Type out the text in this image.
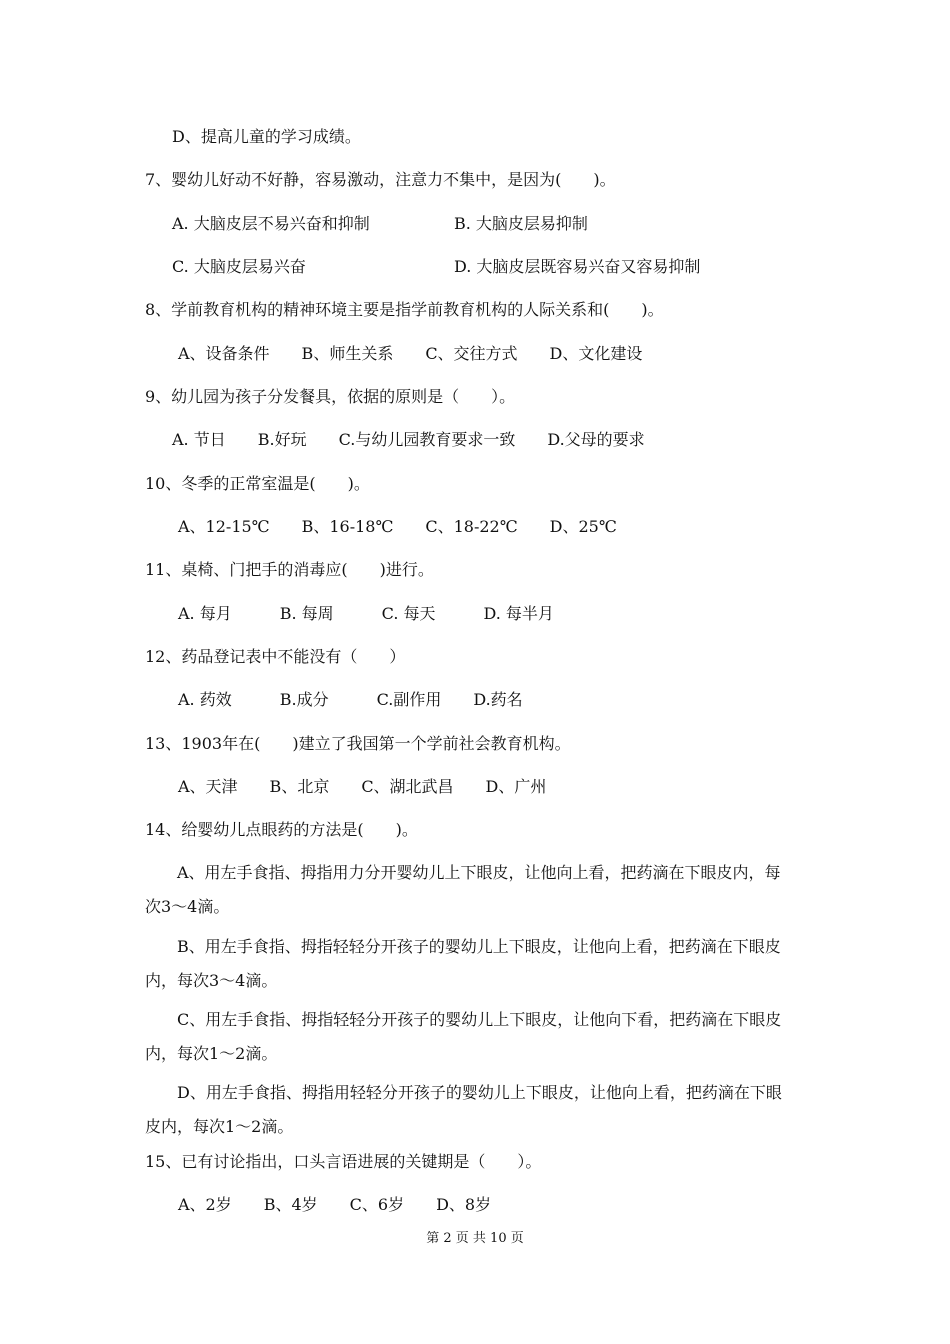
D、提高儿童的学习成绩。
7、婴幼儿好动不好静，容易激动，注意力不集中，是因为(　　)。
A. 大脑皮层不易兴奋和抑制	B. 大脑皮层易抑制
C. 大脑皮层易兴奋	D. 大脑皮层既容易兴奋又容易抑制
8、学前教育机构的精神环境主要是指学前教育机构的人际关系和(　　)。
A、设备条件　　B、师生关系　　C、交往方式　　D、文化建设
9、幼儿园为孩子分发餐具，依据的原则是（　　）。
A. 节日　　B.好玩　　C.与幼儿园教育要求一致　　D.父母的要求
10、冬季的正常室温是(　　)。
A、12-15℃　　B、16-18℃　　C、18-22℃　　D、25℃
11、桌椅、门把手的消毒应(　　)进行。
A. 每月　　　B. 每周　　　C. 每天　　　D. 每半月
12、药品登记表中不能没有（　　）
A. 药效　　　B.成分　　　C.副作用　　D.药名
13、1903年在(　　)建立了我国第一个学前社会教育机构。
A、天津　　B、北京　　C、湖北武昌　　D、广州
14、给婴幼儿点眼药的方法是(　　)。
A、用左手食指、拇指用力分开婴幼儿上下眼皮，让他向上看，把药滴在下眼皮内，每次3～4滴。
B、用左手食指、拇指轻轻分开孩子的婴幼儿上下眼皮，让他向上看，把药滴在下眼皮内，每次3～4滴。
C、用左手食指、拇指轻轻分开孩子的婴幼儿上下眼皮，让他向下看，把药滴在下眼皮内，每次1～2滴。
D、用左手食指、拇指用轻轻分开孩子的婴幼儿上下眼皮，让他向上看，把药滴在下眼皮内，每次1～2滴。
15、已有讨论指出，口头言语进展的关键期是（　　）。
A、2岁　　B、4岁　　C、6岁　　D、8岁
第 2 页 共 10 页
